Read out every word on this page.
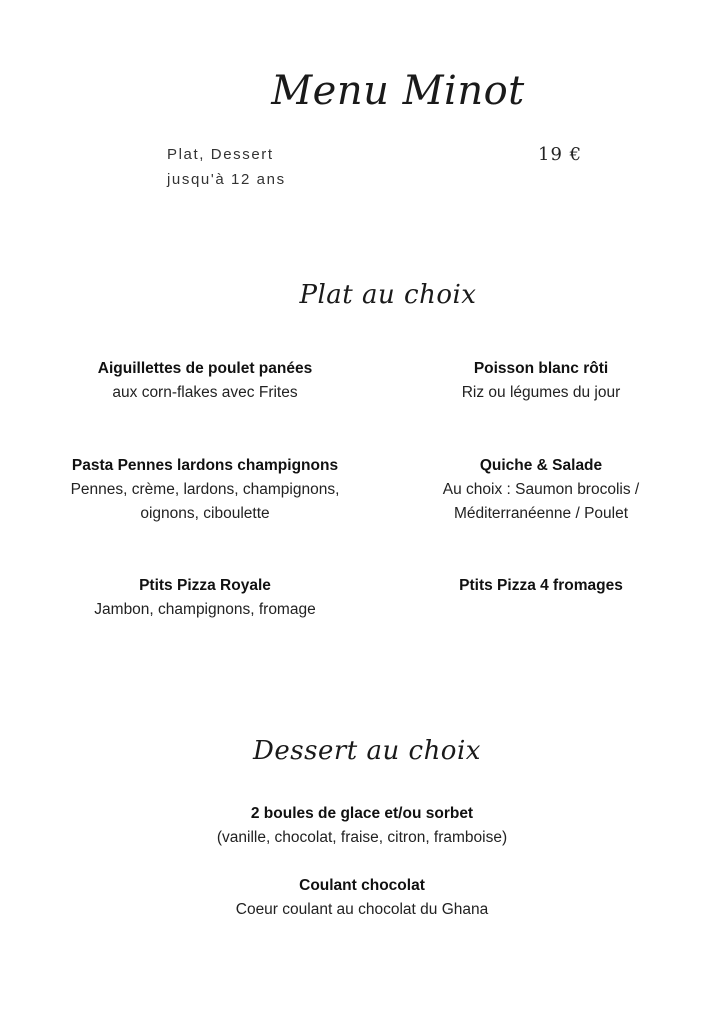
Menu Minot
Plat, Dessert
jusqu'à 12 ans
19 €
Plat au choix
Aiguillettes de poulet panées
aux corn-flakes avec Frites
Poisson blanc rôti
Riz ou légumes du jour
Pasta Pennes lardons champignons
Pennes, crème, lardons, champignons,
oignons, ciboulette
Quiche & Salade
Au choix : Saumon brocolis /
Méditerranéenne / Poulet
Ptits Pizza Royale
Jambon, champignons, fromage
Ptits Pizza 4 fromages
Dessert au choix
2 boules de glace et/ou sorbet
(vanille, chocolat, fraise, citron, framboise)
Coulant chocolat
Coeur coulant au chocolat du Ghana
